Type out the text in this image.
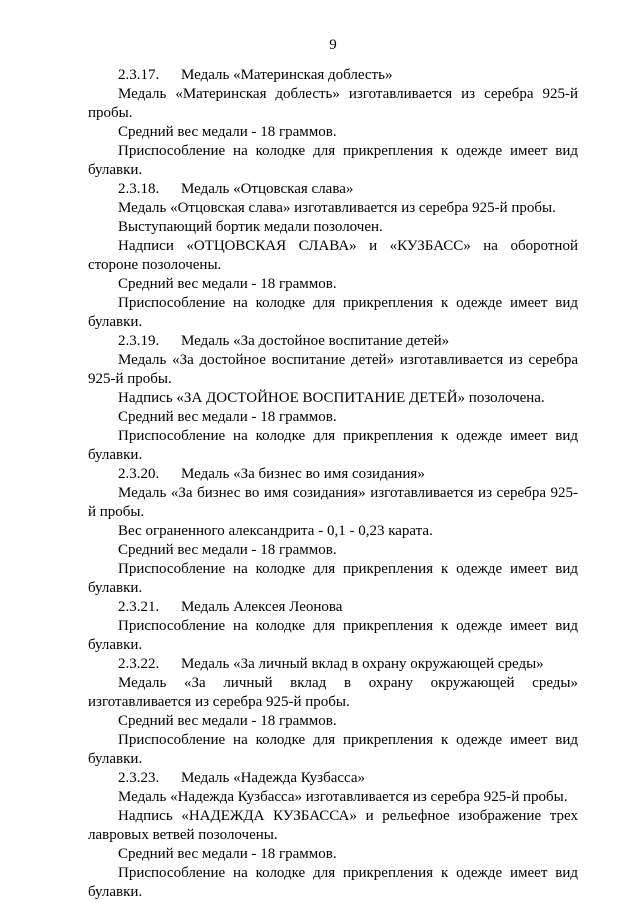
9

2.3.17. Медаль «Материнская доблесть»

Медаль «Материнская доблесть» изготавливается из серебра 925-й пробы.

Средний вес медали - 18 граммов.

Приспособление на колодке для прикрепления к одежде имеет вид булавки.

2.3.18. Медаль «Отцовская слава»

Медаль «Отцовская слава» изготавливается из серебра 925-й пробы.

Выступающий бортик медали позолочен.

Надписи «ОТЦОВСКАЯ СЛАВА» и «КУЗБАСС» на оборотной стороне позолочены.

Средний вес медали - 18 граммов.

Приспособление на колодке для прикрепления к одежде имеет вид булавки.

2.3.19. Медаль «За достойное воспитание детей»

Медаль «За достойное воспитание детей» изготавливается из серебра 925-й пробы.

Надпись «ЗА ДОСТОЙНОЕ ВОСПИТАНИЕ ДЕТЕЙ» позолочена.

Средний вес медали - 18 граммов.

Приспособление на колодке для прикрепления к одежде имеет вид булавки.

2.3.20. Медаль «За бизнес во имя созидания»

Медаль «За бизнес во имя созидания» изготавливается из серебра 925-й пробы.

Вес ограненного александрита - 0,1 - 0,23 карата.

Средний вес медали - 18 граммов.

Приспособление на колодке для прикрепления к одежде имеет вид булавки.

2.3.21. Медаль Алексея Леонова

Приспособление на колодке для прикрепления к одежде имеет вид булавки.

2.3.22. Медаль «За личный вклад в охрану окружающей среды»

Медаль «За личный вклад в охрану окружающей среды» изготавливается из серебра 925-й пробы.

Средний вес медали - 18 граммов.

Приспособление на колодке для прикрепления к одежде имеет вид булавки.

2.3.23. Медаль «Надежда Кузбасса»

Медаль «Надежда Кузбасса» изготавливается из серебра 925-й пробы.

Надпись «НАДЕЖДА КУЗБАССА» и рельефное изображение трех лавровых ветвей позолочены.

Средний вес медали - 18 граммов.

Приспособление на колодке для прикрепления к одежде имеет вид булавки.
